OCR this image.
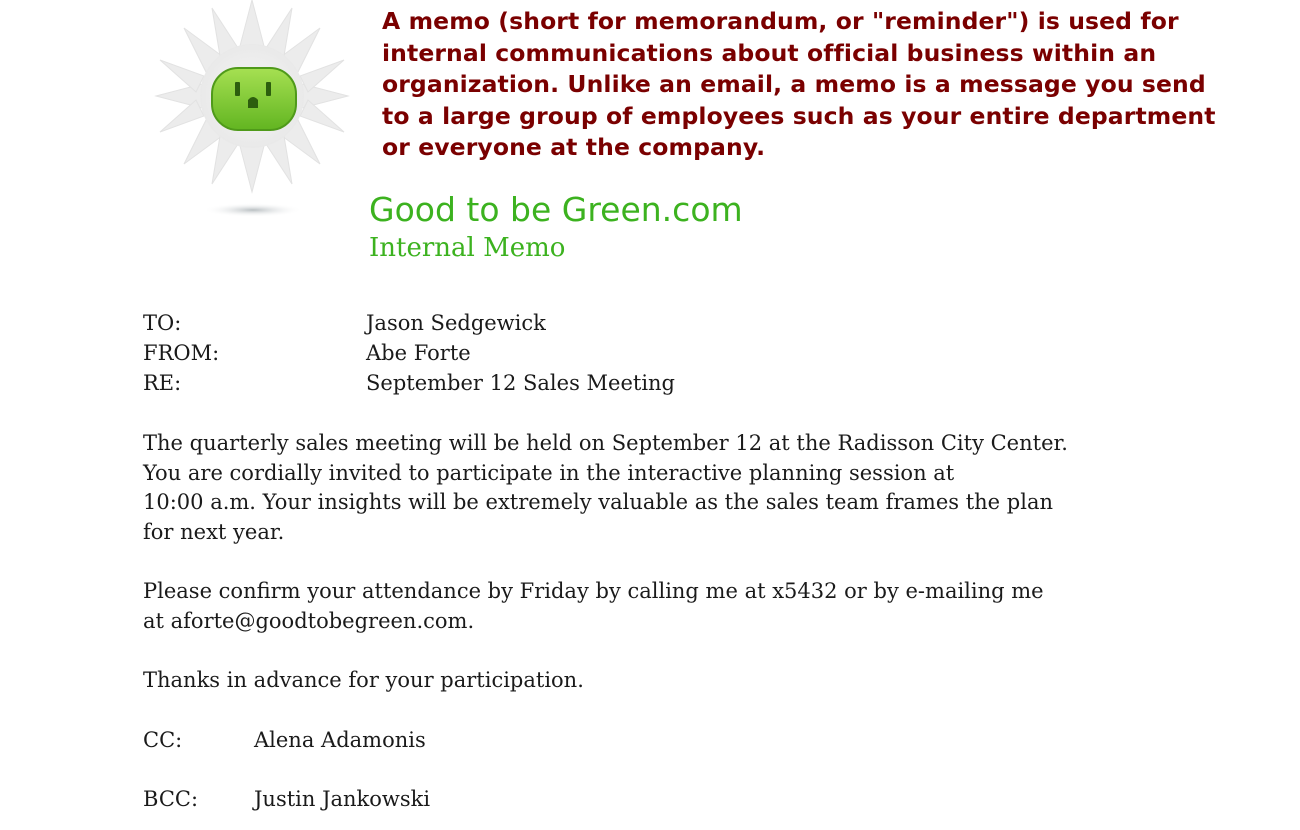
A memo (short for memorandum, or "reminder") is used for
internal communications about official business within an
organization. Unlike an email, a memo is a message you send
to a large group of employees such as your entire department
or everyone at the company.
Good to be Green.com
Internal Memo
TO:	Jason Sedgewick
FROM:	Abe Forte
RE:	September 12 Sales Meeting
The quarterly sales meeting will be held on September 12 at the Radisson City Center.
You are cordially invited to participate in the interactive planning session at
10:00 a.m. Your insights will be extremely valuable as the sales team frames the plan
for next year.
Please confirm your attendance by Friday by calling me at x5432 or by e-mailing me
at aforte@goodtobegreen.com.
Thanks in advance for your participation.
CC:	Alena Adamonis
BCC:	Justin Jankowski
